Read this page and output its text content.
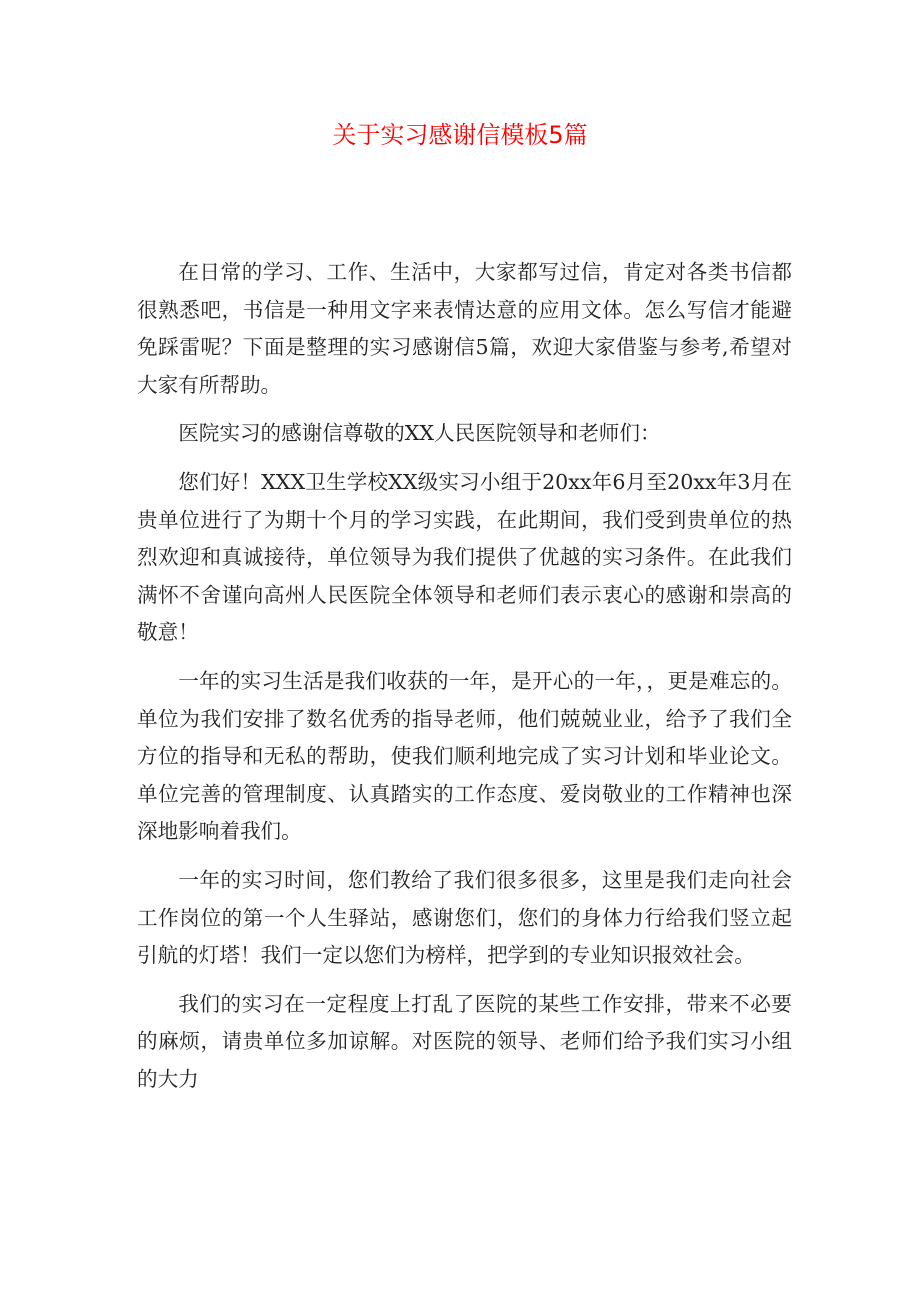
关于实习感谢信模板5篇

在日常的学习、工作、生活中，大家都写过信，肯定对各类书信都很熟悉吧，书信是一种用文字来表情达意的应用文体。怎么写信才能避免踩雷呢？下面是整理的实习感谢信5篇，欢迎大家借鉴与参考,希望对大家有所帮助。

医院实习的感谢信尊敬的XX人民医院领导和老师们：

您们好！XXX卫生学校XX级实习小组于20xx年6月至20xx年3月在贵单位进行了为期十个月的学习实践，在此期间，我们受到贵单位的热烈欢迎和真诚接待，单位领导为我们提供了优越的实习条件。在此我们满怀不舍谨向高州人民医院全体领导和老师们表示衷心的感谢和崇高的敬意！

一年的实习生活是我们收获的一年，是开心的一年，，更是难忘的。单位为我们安排了数名优秀的指导老师，他们兢兢业业，给予了我们全方位的指导和无私的帮助，使我们顺利地完成了实习计划和毕业论文。单位完善的管理制度、认真踏实的工作态度、爱岗敬业的工作精神也深深地影响着我们。

一年的实习时间，您们教给了我们很多很多，这里是我们走向社会工作岗位的第一个人生驿站，感谢您们，您们的身体力行给我们竖立起引航的灯塔！我们一定以您们为榜样，把学到的专业知识报效社会。

我们的实习在一定程度上打乱了医院的某些工作安排，带来不必要的麻烦，请贵单位多加谅解。对医院的领导、老师们给予我们实习小组的大力
